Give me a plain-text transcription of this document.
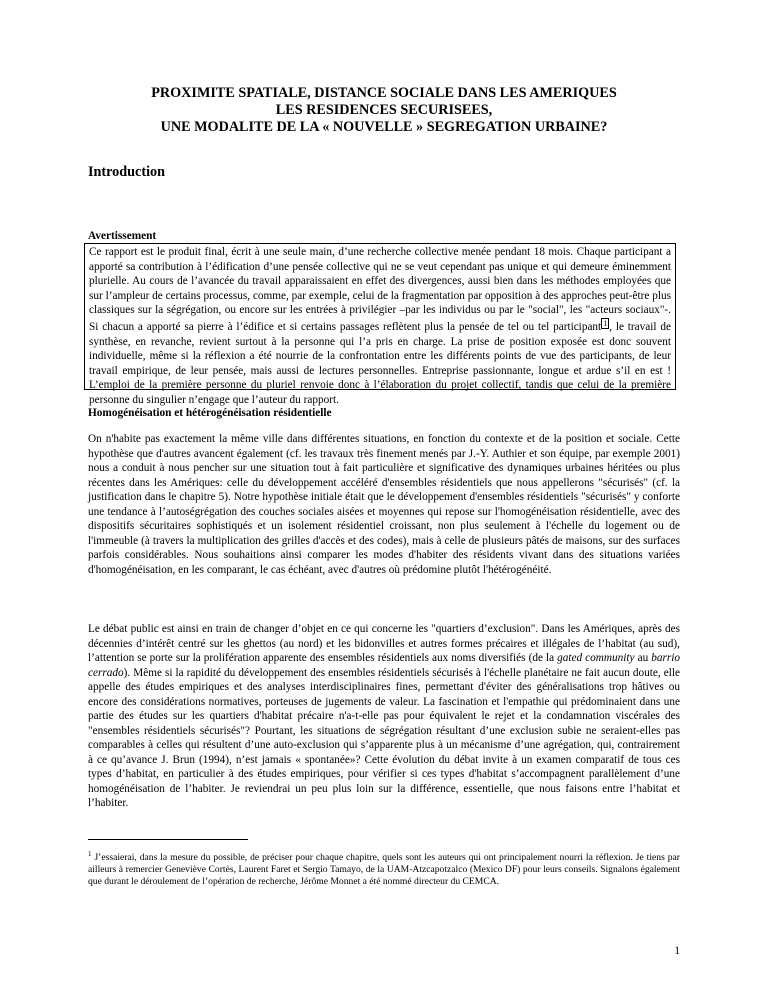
PROXIMITE SPATIALE, DISTANCE SOCIALE DANS LES AMERIQUES
LES RESIDENCES SECURISEES,
UNE MODALITE DE LA « NOUVELLE » SEGREGATION URBAINE?
Introduction
Avertissement
Ce rapport est le produit final, écrit à une seule main, d’une recherche collective menée pendant 18 mois. Chaque participant a apporté sa contribution à l’édification d’une pensée collective qui ne se veut cependant pas unique et qui demeure éminemment plurielle. Au cours de l’avancée du travail apparaissaient en effet des divergences, aussi bien dans les méthodes employées que sur l’ampleur de certains processus, comme, par exemple, celui de la fragmentation par opposition à des approches peut-être plus classiques sur la ségrégation, ou encore sur les entrées à privilégier –par les individus ou par le "social", les "acteurs sociaux"-. Si chacun a apporté sa pierre à l’édifice et si certains passages reflètent plus la pensée de tel ou tel participant 1 , le travail de synthèse, en revanche, revient surtout à la personne qui l’a pris en charge. La prise de position exposée est donc souvent individuelle, même si la réflexion a été nourrie de la confrontation entre les différents points de vue des participants, de leur travail empirique, de leur pensée, mais aussi de lectures personnelles. Entreprise passionnante, longue et ardue s’il en est ! L’emploi de la première personne du pluriel renvoie donc à l’élaboration du projet collectif, tandis que celui de la première personne du singulier n’engage que l’auteur du rapport.
Homogénéisation et hétérogénéisation résidentielle
On n'habite pas exactement la même ville dans différentes situations, en fonction du contexte et de la position et sociale. Cette hypothèse que d'autres avancent également (cf. les travaux très finement menés par J.-Y. Authier et son équipe, par exemple 2001) nous a conduit à nous pencher sur une situation tout à fait particulière et significative des dynamiques urbaines héritées ou plus récentes dans les Amériques: celle du développement accéléré d'ensembles résidentiels que nous appellerons "sécurisés" (cf. la justification dans le chapitre 5). Notre hypothèse initiale était que le développement d'ensembles résidentiels "sécurisés" y conforte une tendance à l’autoségrégation des couches sociales aisées et moyennes qui repose sur l'homogénéisation résidentielle, avec des dispositifs sécuritaires sophistiqués et un isolement résidentiel croissant, non plus seulement à l'échelle du logement ou de l'immeuble (à travers la multiplication des grilles d'accès et des codes), mais à celle de plusieurs pâtés de maisons, sur des surfaces parfois considérables. Nous souhaitions ainsi comparer les modes d'habiter des résidents vivant dans des situations variées d'homogénéisation, en les comparant, le cas échéant, avec d'autres où prédomine plutôt l'hétérogénéité.
Le débat public est ainsi en train de changer d’objet en ce qui concerne les "quartiers d’exclusion". Dans les Amériques, après des décennies d’intérêt centré sur les ghettos (au nord) et les bidonvilles et autres formes précaires et illégales de l’habitat (au sud), l’attention se porte sur la prolifération apparente des ensembles résidentiels aux noms diversifiés (de la gated community au barrio cerrado). Même si la rapidité du développement des ensembles résidentiels sécurisés à l'échelle planétaire ne fait aucun doute, elle appelle des études empiriques et des analyses interdisciplinaires fines, permettant d'éviter des généralisations trop hâtives ou encore des considérations normatives, porteuses de jugements de valeur. La fascination et l'empathie qui prédominaient dans une partie des études sur les quartiers d'habitat précaire n'a-t-elle pas pour équivalent le rejet et la condamnation viscérales des "ensembles résidentiels sécurisés"? Pourtant, les situations de ségrégation résultant d’une exclusion subie ne seraient-elles pas comparables à celles qui résultent d’une auto-exclusion qui s’apparente plus à un mécanisme d’une agrégation, qui, contrairement à ce qu’avance J. Brun (1994), n’est jamais « spontanée»? Cette évolution du débat invite à un examen comparatif de tous ces types d’habitat, en particulier à des études empiriques, pour vérifier si ces types d'habitat s’accompagnent parallèlement d’une homogénéisation de l’habiter. Je reviendrai un peu plus loin sur la différence, essentielle, que nous faisons entre l’habitat et l’habiter.
$^1$ J’essaierai, dans la mesure du possible, de préciser pour chaque chapitre, quels sont les auteurs qui ont principalement nourri la réflexion. Je tiens par ailleurs à remercier Geneviève Cortès, Laurent Faret et Sergio Tamayo, de la UAM-Atzcapotzalco (Mexico DF) pour leurs conseils. Signalons également que durant le déroulement de l’opération de recherche, Jérôme Monnet a été nommé directeur du CEMCA.
1
